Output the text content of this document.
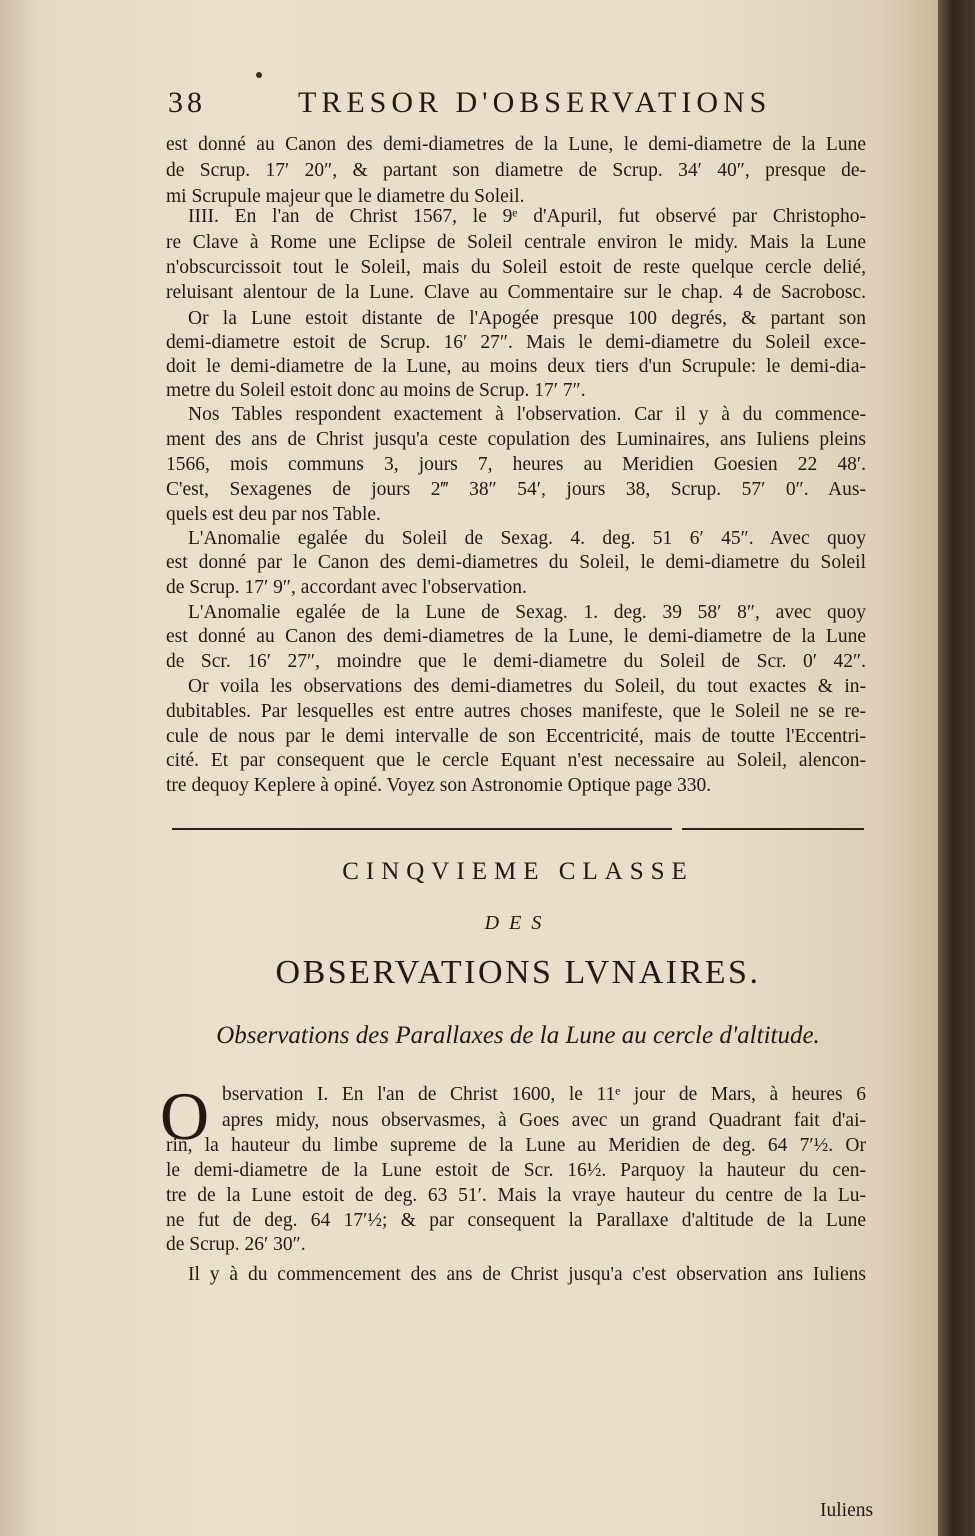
38	TRESOR D'OBSERVATIONS
est donné au Canon des demi-diametres de la Lune, le demi-diametre de la Lune
de Scrup. 17′ 20″, & partant son diametre de Scrup. 34′ 40″, presque de-
mi Scrupule majeur que le diametre du Soleil.
IIII. En l'an de Christ 1567, le 9ᵉ d'Apuril, fut observé par Christopho-
re Clave à Rome une Eclipse de Soleil centrale environ le midy. Mais la Lune
n'obscurcissoit tout le Soleil, mais du Soleil estoit de reste quelque cercle delié,
reluisant alentour de la Lune. Clave au Commentaire sur le chap. 4 de Sacrobosc.
Or la Lune estoit distante de l'Apogée presque 100 degrés, & partant son
demi-diametre estoit de Scrup. 16′ 27″. Mais le demi-diametre du Soleil exce-
doit le demi-diametre de la Lune, au moins deux tiers d'un Scrupule: le demi-dia-
metre du Soleil estoit donc au moins de Scrup. 17′ 7″.
Nos Tables respondent exactement à l'observation. Car il y à du commence-
ment des ans de Christ jusqu'a ceste copulation des Luminaires, ans Iuliens pleins
1566, mois communs 3, jours 7, heures au Meridien Goesien 22 48′.
C'est, Sexagenes de jours 2‴ 38″ 54′, jours 38, Scrup. 57′ 0″. Aus-
quels est deu par nos Table.
L'Anomalie egalée du Soleil de Sexag. 4. deg. 51 6′ 45″. Avec quoy
est donné par le Canon des demi-diametres du Soleil, le demi-diametre du Soleil
de Scrup. 17′ 9″, accordant avec l'observation.
L'Anomalie egalée de la Lune de Sexag. 1. deg. 39 58′ 8″, avec quoy
est donné au Canon des demi-diametres de la Lune, le demi-diametre de la Lune
de Scr. 16′ 27″, moindre que le demi-diametre du Soleil de Scr. 0′ 42″.
Or voila les observations des demi-diametres du Soleil, du tout exactes & in-
dubitables. Par lesquelles est entre autres choses manifeste, que le Soleil ne se re-
cule de nous par le demi intervalle de son Eccentricité, mais de toutte l'Eccentri-
cité. Et par consequent que le cercle Equant n'est necessaire au Soleil, alencon-
tre dequoy Keplere à opiné. Voyez son Astronomie Optique page 330.
CINQVIEME CLASSE
DES
OBSERVATIONS LVNAIRES.
Observations des Parallaxes de la Lune au cercle d'altitude.
O bservation I. En l'an de Christ 1600, le 11ᵉ jour de Mars, à heures 6
apres midy, nous observasmes, à Goes avec un grand Quadrant fait d'ai-
rin, la hauteur du limbe supreme de la Lune au Meridien de deg. 64 7′½. Or
le demi-diametre de la Lune estoit de Scr. 16½. Parquoy la hauteur du cen-
tre de la Lune estoit de deg. 63 51′. Mais la vraye hauteur du centre de la Lu-
ne fut de deg. 64 17′½; & par consequent la Parallaxe d'altitude de la Lune
de Scrup. 26′ 30″.
Il y à du commencement des ans de Christ jusqu'a c'est observation ans Iuliens
Iuliens
